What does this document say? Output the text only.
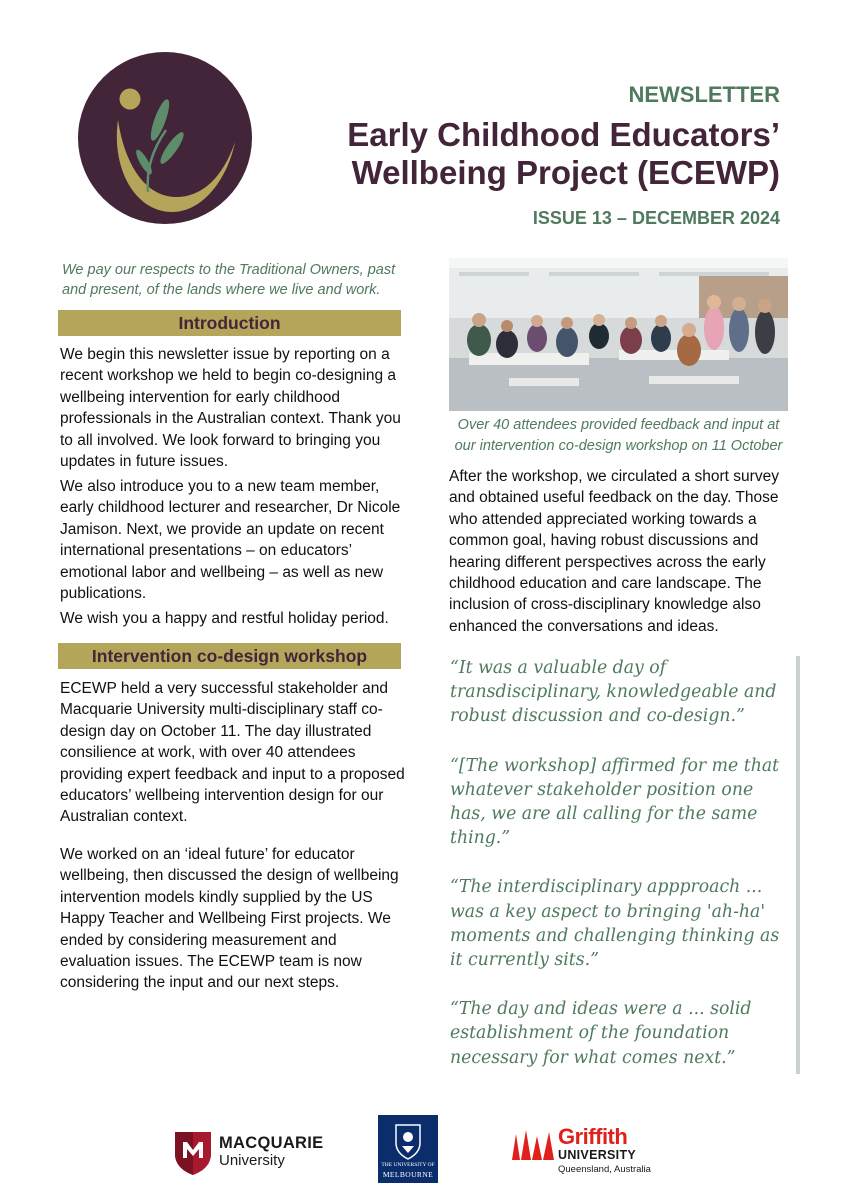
NEWSLETTER
Early Childhood Educators’
Wellbeing Project (ECEWP)
ISSUE 13 – DECEMBER 2024
We pay our respects to the Traditional Owners, past and present, of the lands where we live and work.
Introduction

We begin this newsletter issue by reporting on a recent workshop we held to begin co-designing a wellbeing intervention for early childhood professionals in the Australian context. Thank you to all involved. We look forward to bringing you updates in future issues.

We also introduce you to a new team member, early childhood lecturer and researcher, Dr Nicole Jamison. Next, we provide an update on recent international presentations – on educators’ emotional labor and wellbeing – as well as new publications.

We wish you a happy and restful holiday period.

Intervention co-design workshop

ECEWP held a very successful stakeholder and Macquarie University multi-disciplinary staff co-design day on October 11. The day illustrated consilience at work, with over 40 attendees providing expert feedback and input to a proposed educators’ wellbeing intervention design for our Australian context.

We worked on an ‘ideal future’ for educator wellbeing, then discussed the design of wellbeing intervention models kindly supplied by the US Happy Teacher and Wellbeing First projects. We ended by considering measurement and evaluation issues. The ECEWP team is now considering the input and our next steps.

Over 40 attendees provided feedback and input at our intervention co-design workshop on 11 October

After the workshop, we circulated a short survey and obtained useful feedback on the day. Those who attended appreciated working towards a common goal, having robust discussions and hearing different perspectives across the early childhood education and care landscape. The inclusion of cross-disciplinary knowledge also enhanced the conversations and ideas.

“It was a valuable day of transdisciplinary, knowledgeable and robust discussion and co-design.”

“[The workshop] affirmed for me that whatever stakeholder position one has, we are all calling for the same thing.”

“The interdisciplinary appproach ... was a key aspect to bringing 'ah-ha' moments and challenging thinking as it currently sits.”

“The day and ideas were a ... solid establishment of the foundation necessary for what comes next.”

MACQUARIE
University	THE UNIVERSITY OF
MELBOURNE
Griffith
UNIVERSITY
Queensland, Australia
